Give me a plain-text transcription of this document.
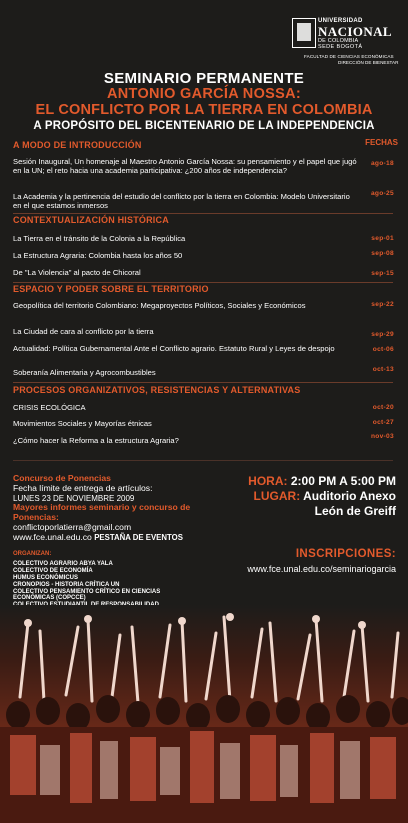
UNIVERSIDAD
NACIONAL
DE COLOMBIA
SEDE BOGOTÁ
FACULTAD DE CIENCIAS ECONÓMICAS
DIRECCIÓN DE BIENESTAR
SEMINARIO PERMANENTE
ANTONIO GARCÍA NOSSA:
EL CONFLICTO POR LA TIERRA EN COLOMBIA
A PROPÓSITO DEL BICENTENARIO DE LA INDEPENDENCIA
FECHAS
A MODO DE INTRODUCCIÓN
Sesión Inaugural, Un homenaje al Maestro Antonio García Nossa: su pensamiento y el papel que jugó en la UN; el reto hacia una academia participativa: ¿200 años de independencia?
ago-18
La Academia y la pertinencia del estudio del conflicto por la tierra en Colombia: Modelo Universitario en el que estamos inmersos
ago-25
CONTEXTUALIZACIÓN HISTÓRICA
La Tierra en el tránsito de la Colonia a la República	sep-01
La Estructura Agraria: Colombia hasta los años 50	sep-08
De "La Violencia" al pacto de Chicoral	sep-15
ESPACIO Y PODER SOBRE EL TERRITORIO
Geopolítica del territorio Colombiano: Megaproyectos Políticos, Sociales y Económicos	sep-22
La Ciudad de cara al conflicto por la tierra	sep-29
Actualidad: Política Gubernamental Ante el Conflicto agrario. Estatuto Rural y Leyes de despojo	oct-06
Soberanía Alimentaria y Agrocombustibles	oct-13
PROCESOS ORGANIZATIVOS, RESISTENCIAS Y ALTERNATIVAS
CRISIS ECOLÓGICA	oct-20
Movimientos Sociales y Mayorías étnicas	oct-27
¿Cómo hacer la Reforma a la estructura Agraria?	nov-03
Concurso de Ponencias
Fecha límite de entrega de artículos:
LUNES 23 DE NOVIEMBRE 2009
Mayores informes seminario y concurso de Ponencias:
conflictoporlatierra@gmail.com
www.fce.unal.edu.co PESTAÑA DE EVENTOS
HORA: 2:00 PM A 5:00 PM
LUGAR: Auditorio Anexo
León de Greiff
ORGANIZAN:
COLECTIVO AGRARIO ABYA YALA
COLECTIVO DE ECONOMÍA
HUMUS ECONÓMICUS
CRONOPIOS - HISTORIA CRÍTICA UN
COLECTIVO PENSAMIENTO CRÍTICO EN CIENCIAS
ECONÓMICAS (COPCCE)
INSCRIPCIONES:
www.fce.unal.edu.co/seminariogarcia
